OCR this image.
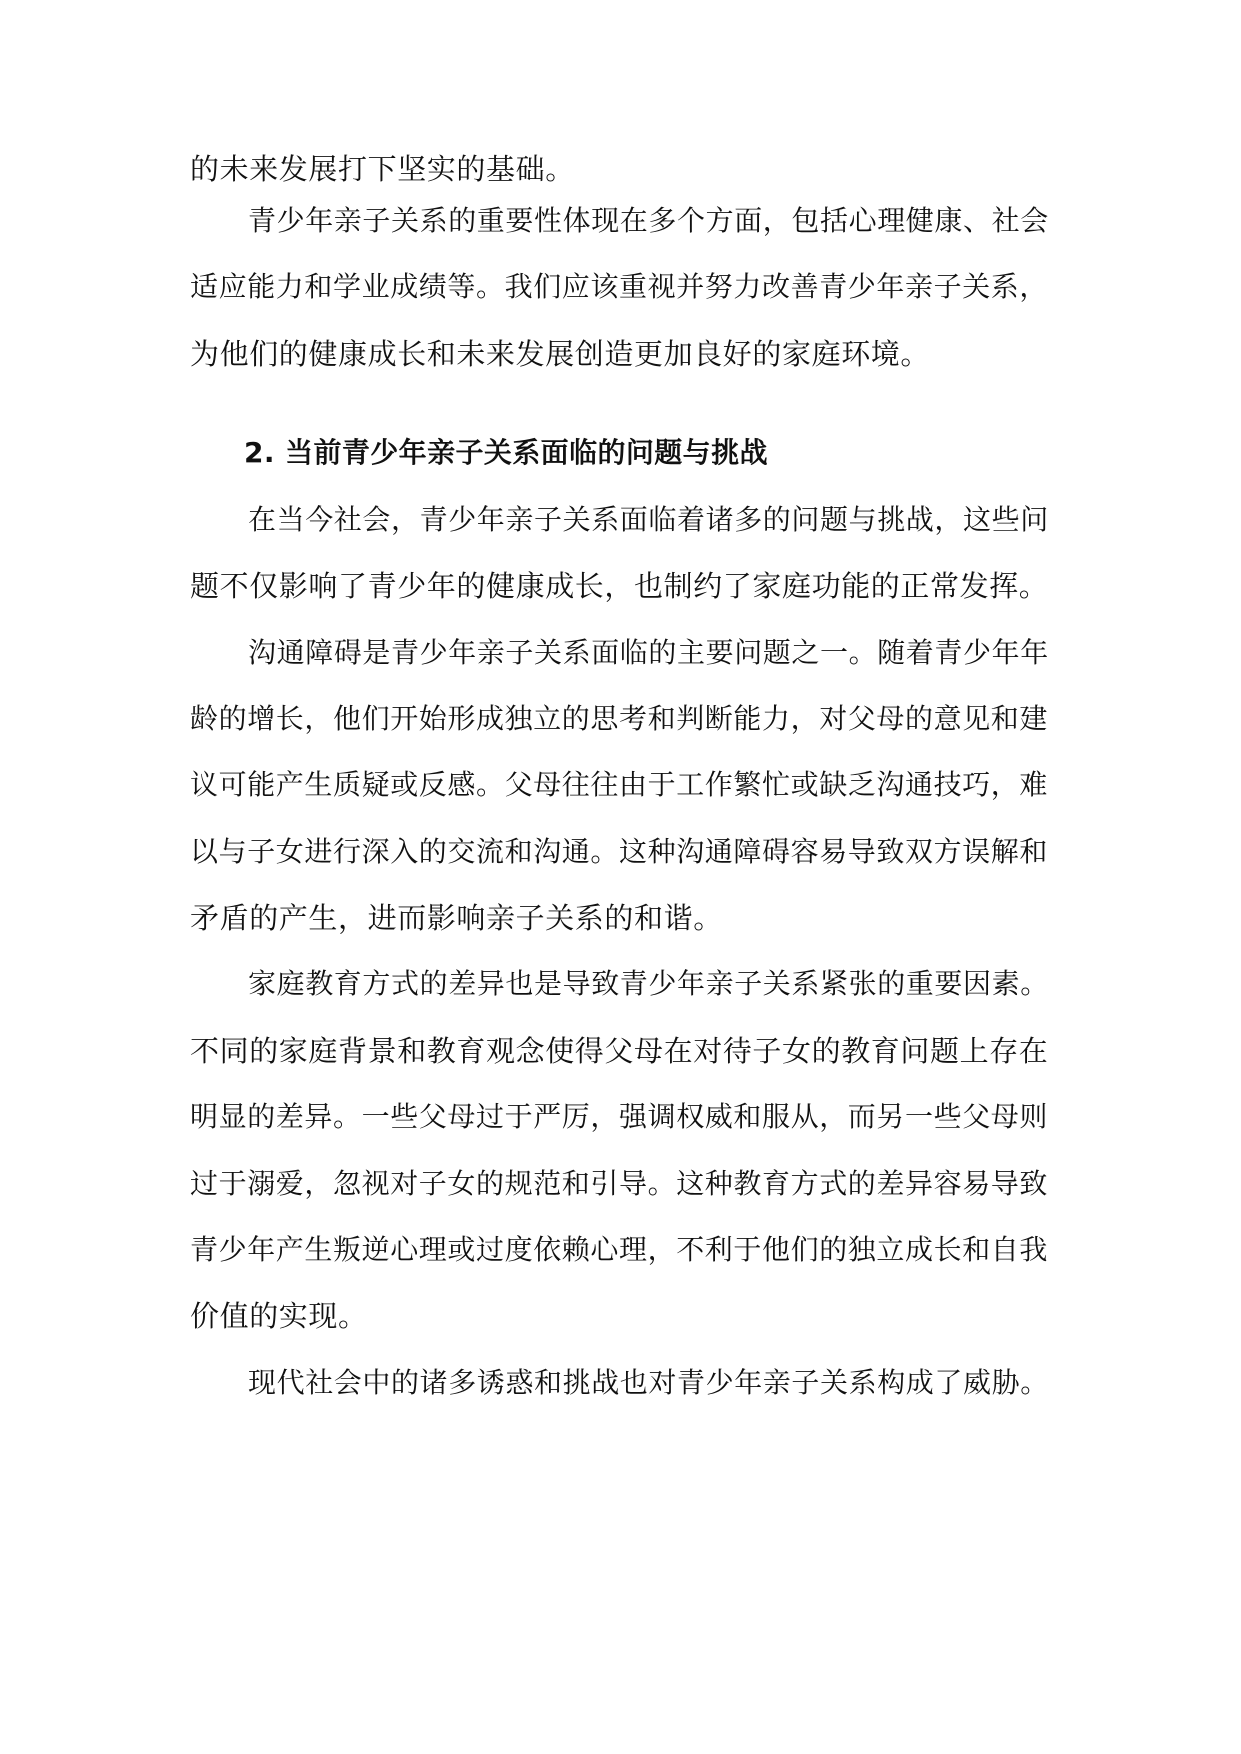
的未来发展打下坚实的基础。
青少年亲子关系的重要性体现在多个方面，包括心理健康、社会
适应能力和学业成绩等。我们应该重视并努力改善青少年亲子关系，
为他们的健康成长和未来发展创造更加良好的家庭环境。
2. 当前青少年亲子关系面临的问题与挑战
在当今社会，青少年亲子关系面临着诸多的问题与挑战，这些问
题不仅影响了青少年的健康成长，也制约了家庭功能的正常发挥。
沟通障碍是青少年亲子关系面临的主要问题之一。随着青少年年
龄的增长，他们开始形成独立的思考和判断能力，对父母的意见和建
议可能产生质疑或反感。父母往往由于工作繁忙或缺乏沟通技巧，难
以与子女进行深入的交流和沟通。这种沟通障碍容易导致双方误解和
矛盾的产生，进而影响亲子关系的和谐。
家庭教育方式的差异也是导致青少年亲子关系紧张的重要因素。
不同的家庭背景和教育观念使得父母在对待子女的教育问题上存在
明显的差异。一些父母过于严厉，强调权威和服从，而另一些父母则
过于溺爱，忽视对子女的规范和引导。这种教育方式的差异容易导致
青少年产生叛逆心理或过度依赖心理，不利于他们的独立成长和自我
价值的实现。
现代社会中的诸多诱惑和挑战也对青少年亲子关系构成了威胁。
